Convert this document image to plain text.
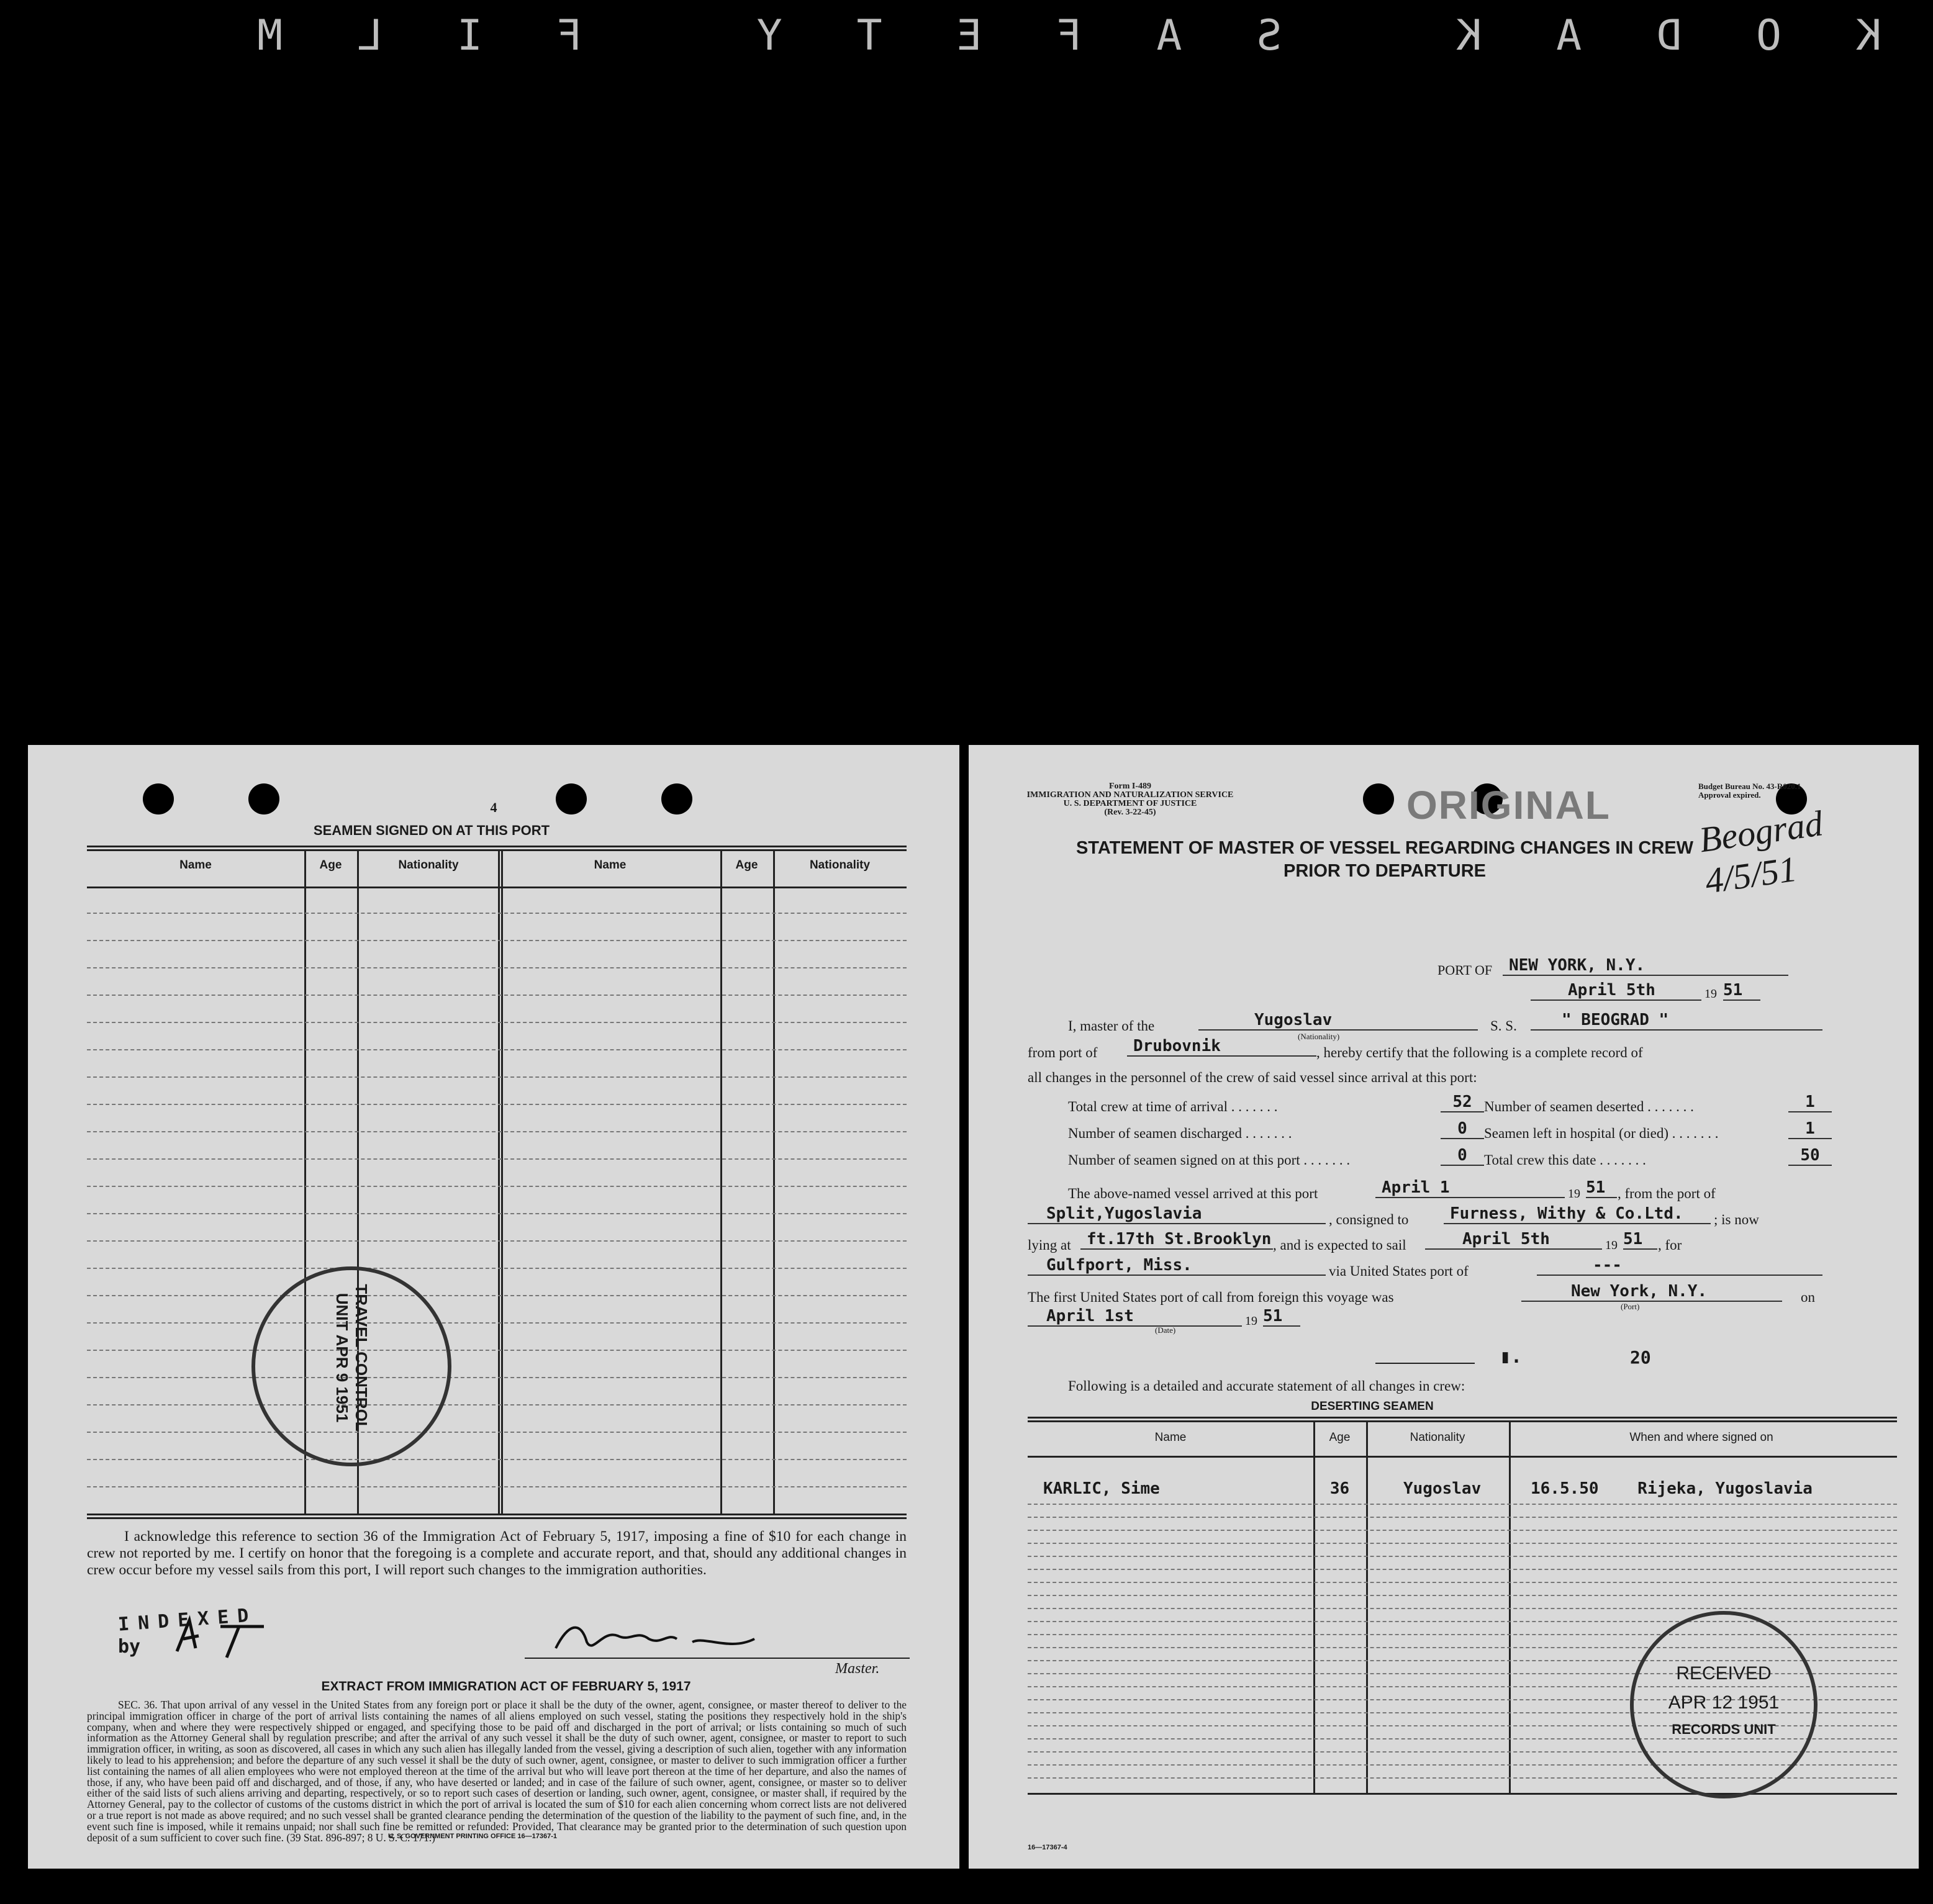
KODAK SAFETY FILM
4
SEAMEN SIGNED ON AT THIS PORT
Name	Age	Nationality	Name	Age	Nationality
TRAVEL CONTROL UNIT APR 9 1951
I acknowledge this reference to section 36 of the Immigration Act of February 5, 1917, imposing a fine of $10 for each change in crew not reported by me. I certify on honor that the foregoing is a complete and accurate report, and that, should any additional changes in crew occur before my vessel sails from this port, I will report such changes to the immigration authorities.
INDEXED
by
Master.
EXTRACT FROM IMMIGRATION ACT OF FEBRUARY 5, 1917
SEC. 36. That upon arrival of any vessel in the United States from any foreign port or place it shall be the duty of the owner, agent, consignee, or master thereof to deliver to the principal immigration officer in charge of the port of arrival lists containing the names of all aliens employed on such vessel, stating the positions they respectively hold in the ship's company, when and where they were respectively shipped or engaged, and specifying those to be paid off and discharged in the port of arrival; or lists containing so much of such information as the Attorney General shall by regulation prescribe; and after the arrival of any such vessel it shall be the duty of such owner, agent, consignee, or master to report to such immigration officer, in writing, as soon as discovered, all cases in which any such alien has illegally landed from the vessel, giving a description of such alien, together with any information likely to lead to his apprehension; and before the departure of any such vessel it shall be the duty of such owner, agent, consignee, or master to deliver to such immigration officer a further list containing the names of all alien employees who were not employed thereon at the time of the arrival but who will leave port thereon at the time of her departure, and also the names of those, if any, who have been paid off and discharged, and of those, if any, who have deserted or landed; and in case of the failure of such owner, agent, consignee, or master so to deliver either of the said lists of such aliens arriving and departing, respectively, or so to report such cases of desertion or landing, such owner, agent, consignee, or master shall, if required by the Attorney General, pay to the collector of customs of the customs district in which the port of arrival is located the sum of $10 for each alien concerning whom correct lists are not delivered or a true report is not made as above required; and no such vessel shall be granted clearance pending the determination of the question of the liability to the payment of such fine, and, in the event such fine is imposed, while it remains unpaid; nor shall such fine be remitted or refunded: Provided, That clearance may be granted prior to the determination of such question upon deposit of a sum sufficient to cover such fine. (39 Stat. 896-897; 8 U. S. C. 171.)
U. S. GOVERNMENT PRINTING OFFICE 16—17367-1
Form I-489
IMMIGRATION AND NATURALIZATION SERVICE
U. S. DEPARTMENT OF JUSTICE
(Rev. 3-22-45)	ORIGINAL	Budget Bureau No. 43-R020.1. Approval expired.
Beograd 4/5/51
STATEMENT OF MASTER OF VESSEL REGARDING CHANGES IN CREW
PRIOR TO DEPARTURE
PORT OF	NEW YORK, N.Y.
April 5th	19 51
I, master of the	Yugoslav
(Nationality)
S. S.	" BEOGRAD "
from port of	Drubovnik	, hereby certify that the following is a complete record of
all changes in the personnel of the crew of said vessel since arrival at this port:
Total crew at time of arrival . . . . . . .	52 Number of seamen deserted . . . . . . .	1
Number of seamen discharged . . . . . . .	0	Seamen left in hospital (or died) . . . . . . .	1
Number of seamen signed on at this port . . . . . . .	0	Total crew this date . . . . . . .	50
The above-named vessel arrived at this port	April 1	19 51 , from the port of
Split,Yugoslavia	, consigned to	Furness, Withy & Co.Ltd.	; is now
lying at ft.17th St.Brooklyn , and is expected to sail	April 5th	19 51	, for
Gulfport, Miss.	via United States port of	---
The first United States port of call from foreign this voyage was	New York, N.Y.
(Port)
on
April 1st
(Date)
19 51
▮.	20
Following is a detailed and accurate statement of all changes in crew:
DESERTING SEAMEN
Name	Age	Nationality	When and where signed on
KARLIC, Sime	36	Yugoslav	16.5.50    Rijeka, Yugoslavia
RECEIVED
APR 12 1951
RECORDS UNIT
16—17367-4
